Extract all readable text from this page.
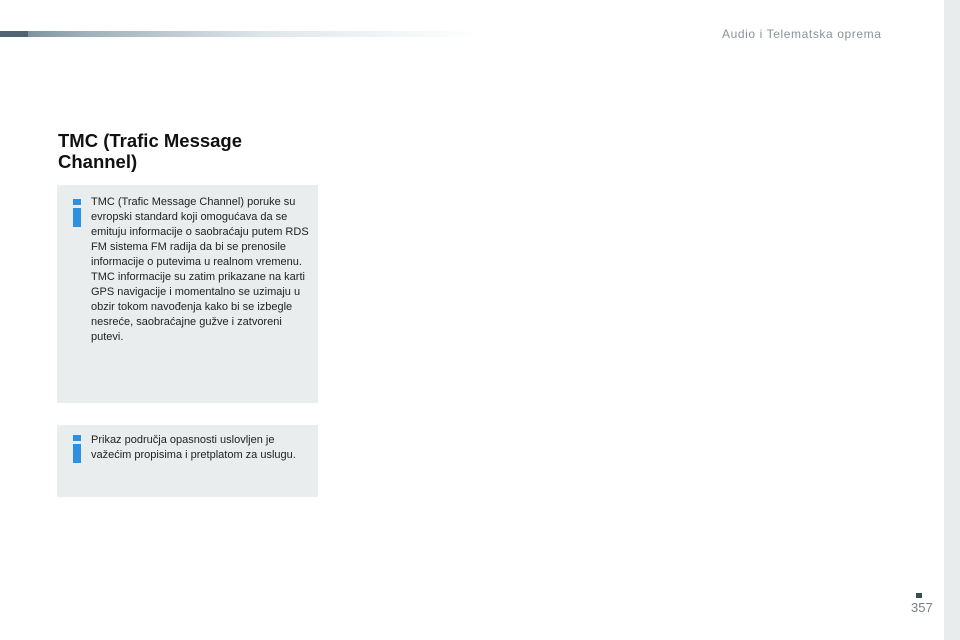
Audio i Telematska oprema
TMC (Trafic Message
Channel)

TMC (Trafic Message Channel) poruke su evropski standard koji omogućava da se emituju informacije o saobraćaju putem RDS FM sistema FM radija da bi se prenosile informacije o putevima u realnom vremenu.

TMC informacije su zatim prikazane na karti GPS navigacije i momentalno se uzimaju u obzir tokom navođenja kako bi se izbegle nesreće, saobraćajne gužve i zatvoreni putevi.

Prikaz područja opasnosti uslovljen je važećim propisima i pretplatom za uslugu.

357
